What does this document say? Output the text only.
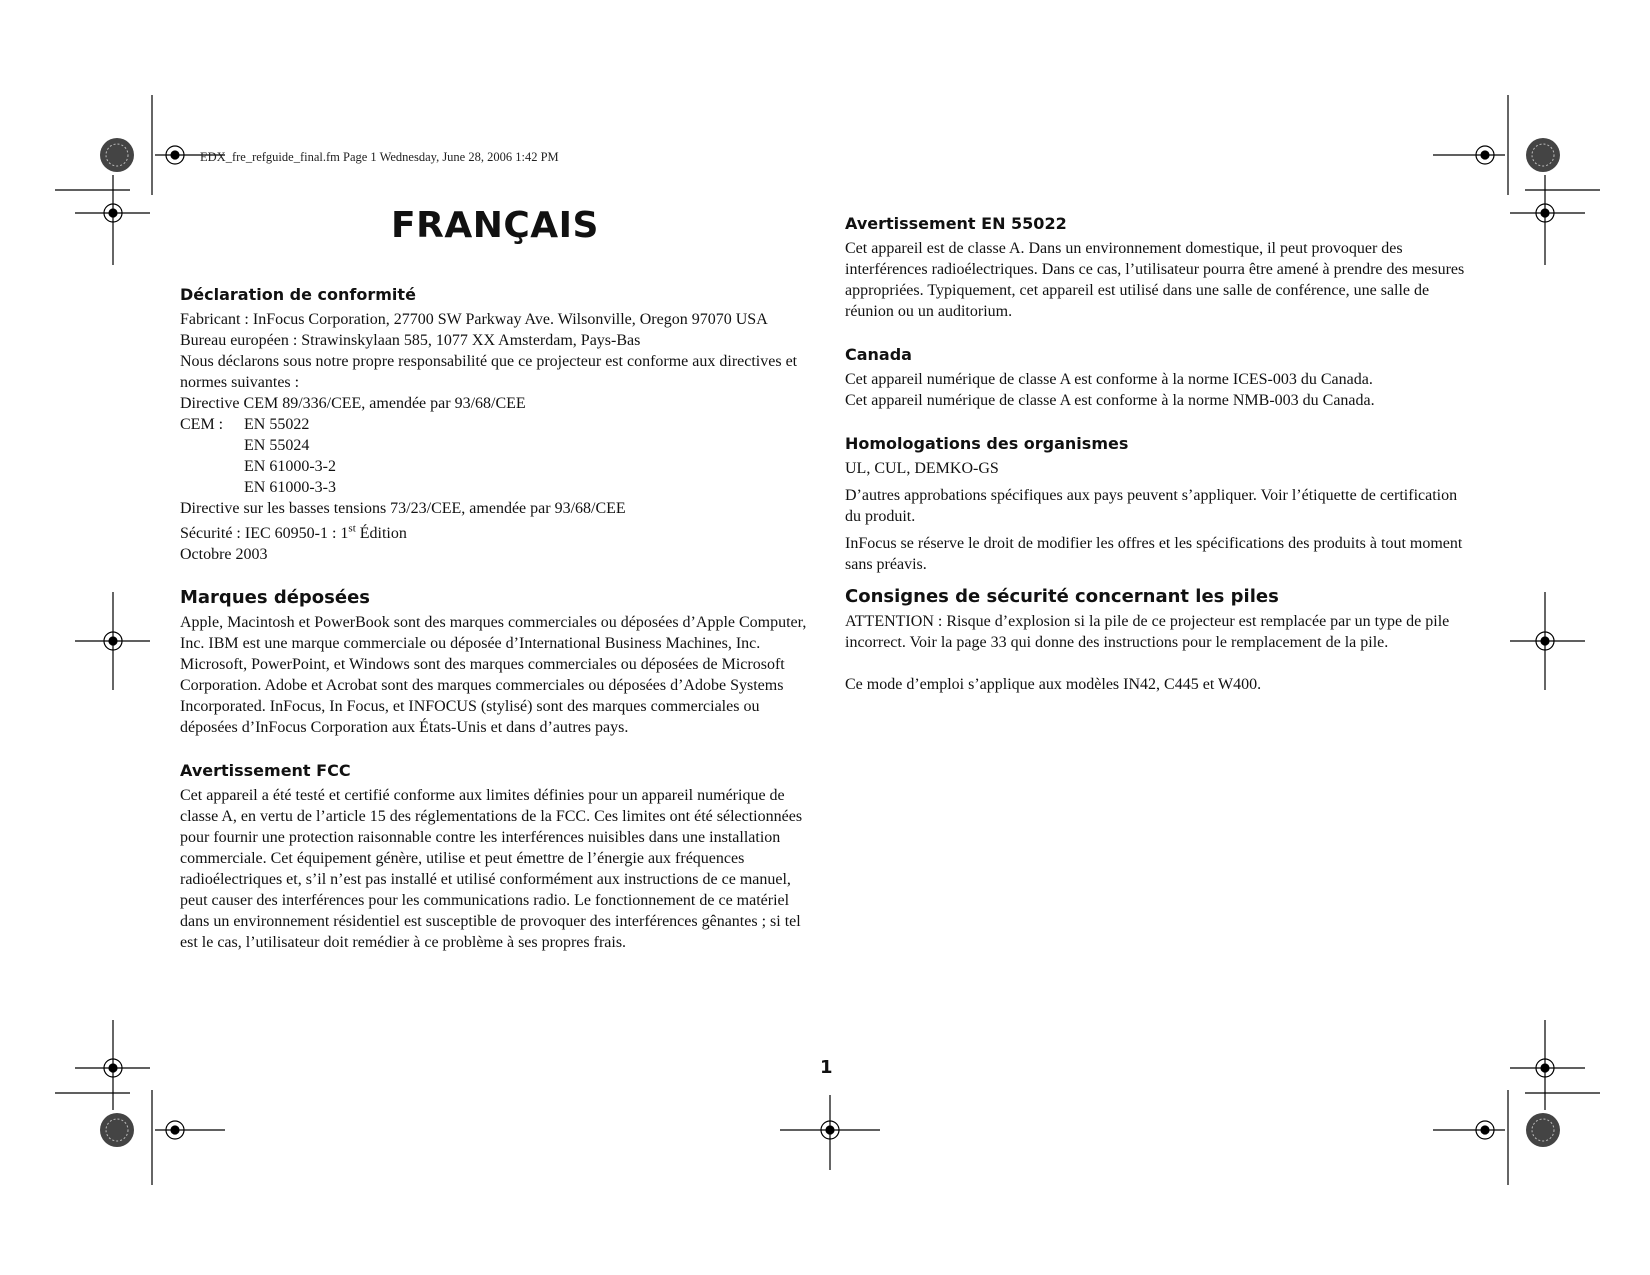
EDX_fre_refguide_final.fm Page 1 Wednesday, June 28, 2006 1:42 PM
FRANÇAIS
Déclaration de conformité

Fabricant : InFocus Corporation, 27700 SW Parkway Ave. Wilsonville, Oregon 97070 USA

Bureau européen : Strawinskylaan 585, 1077 XX Amsterdam, Pays-Bas

Nous déclarons sous notre propre responsabilité que ce projecteur est conforme aux directives et normes suivantes :

Directive CEM 89/336/CEE, amendée par 93/68/CEE

CEM :	EN 55022
EN 55024
EN 61000-3-2
EN 61000-3-3

Directive sur les basses tensions 73/23/CEE, amendée par 93/68/CEE

Sécurité : IEC 60950-1 : 1st Édition

Octobre 2003

Marques déposées

Apple, Macintosh et PowerBook sont des marques commerciales ou déposées d’Apple Computer, Inc. IBM est une marque commerciale ou déposée d’International Business Machines, Inc. Microsoft, PowerPoint, et Windows sont des marques commerciales ou déposées de Microsoft Corporation. Adobe et Acrobat sont des marques commerciales ou déposées d’Adobe Systems Incorporated. InFocus, In Focus, et INFOCUS (stylisé) sont des marques commerciales ou déposées d’InFocus Corporation aux États-Unis et dans d’autres pays.

Avertissement FCC

Cet appareil a été testé et certifié conforme aux limites définies pour un appareil numérique de classe A, en vertu de l’article 15 des réglementations de la FCC. Ces limites ont été sélectionnées pour fournir une protection raisonnable contre les interférences nuisibles dans une installation commerciale. Cet équipement génère, utilise et peut émettre de l’énergie aux fréquences radioélectriques et, s’il n’est pas installé et utilisé conformément aux instructions de ce manuel, peut causer des interférences pour les communications radio. Le fonctionnement de ce matériel dans un environnement résidentiel est susceptible de provoquer des interférences gênantes ; si tel est le cas, l’utilisateur doit remédier à ce problème à ses propres frais.

Avertissement EN 55022

Cet appareil est de classe A. Dans un environnement domestique, il peut provoquer des interférences radioélectriques. Dans ce cas, l’utilisateur pourra être amené à prendre des mesures appropriées. Typiquement, cet appareil est utilisé dans une salle de conférence, une salle de réunion ou un auditorium.

Canada

Cet appareil numérique de classe A est conforme à la norme ICES-003 du Canada.

Cet appareil numérique de classe A est conforme à la norme NMB-003 du Canada.

Homologations des organismes

UL, CUL, DEMKO-GS

D’autres approbations spécifiques aux pays peuvent s’appliquer. Voir l’étiquette de certification du produit.

InFocus se réserve le droit de modifier les offres et les spécifications des produits à tout moment sans préavis.

Consignes de sécurité concernant les piles

ATTENTION : Risque d’explosion si la pile de ce projecteur est remplacée par un type de pile incorrect. Voir la page 33 qui donne des instructions pour le remplacement de la pile.

Ce mode d’emploi s’applique aux modèles IN42, C445 et W400.

1
